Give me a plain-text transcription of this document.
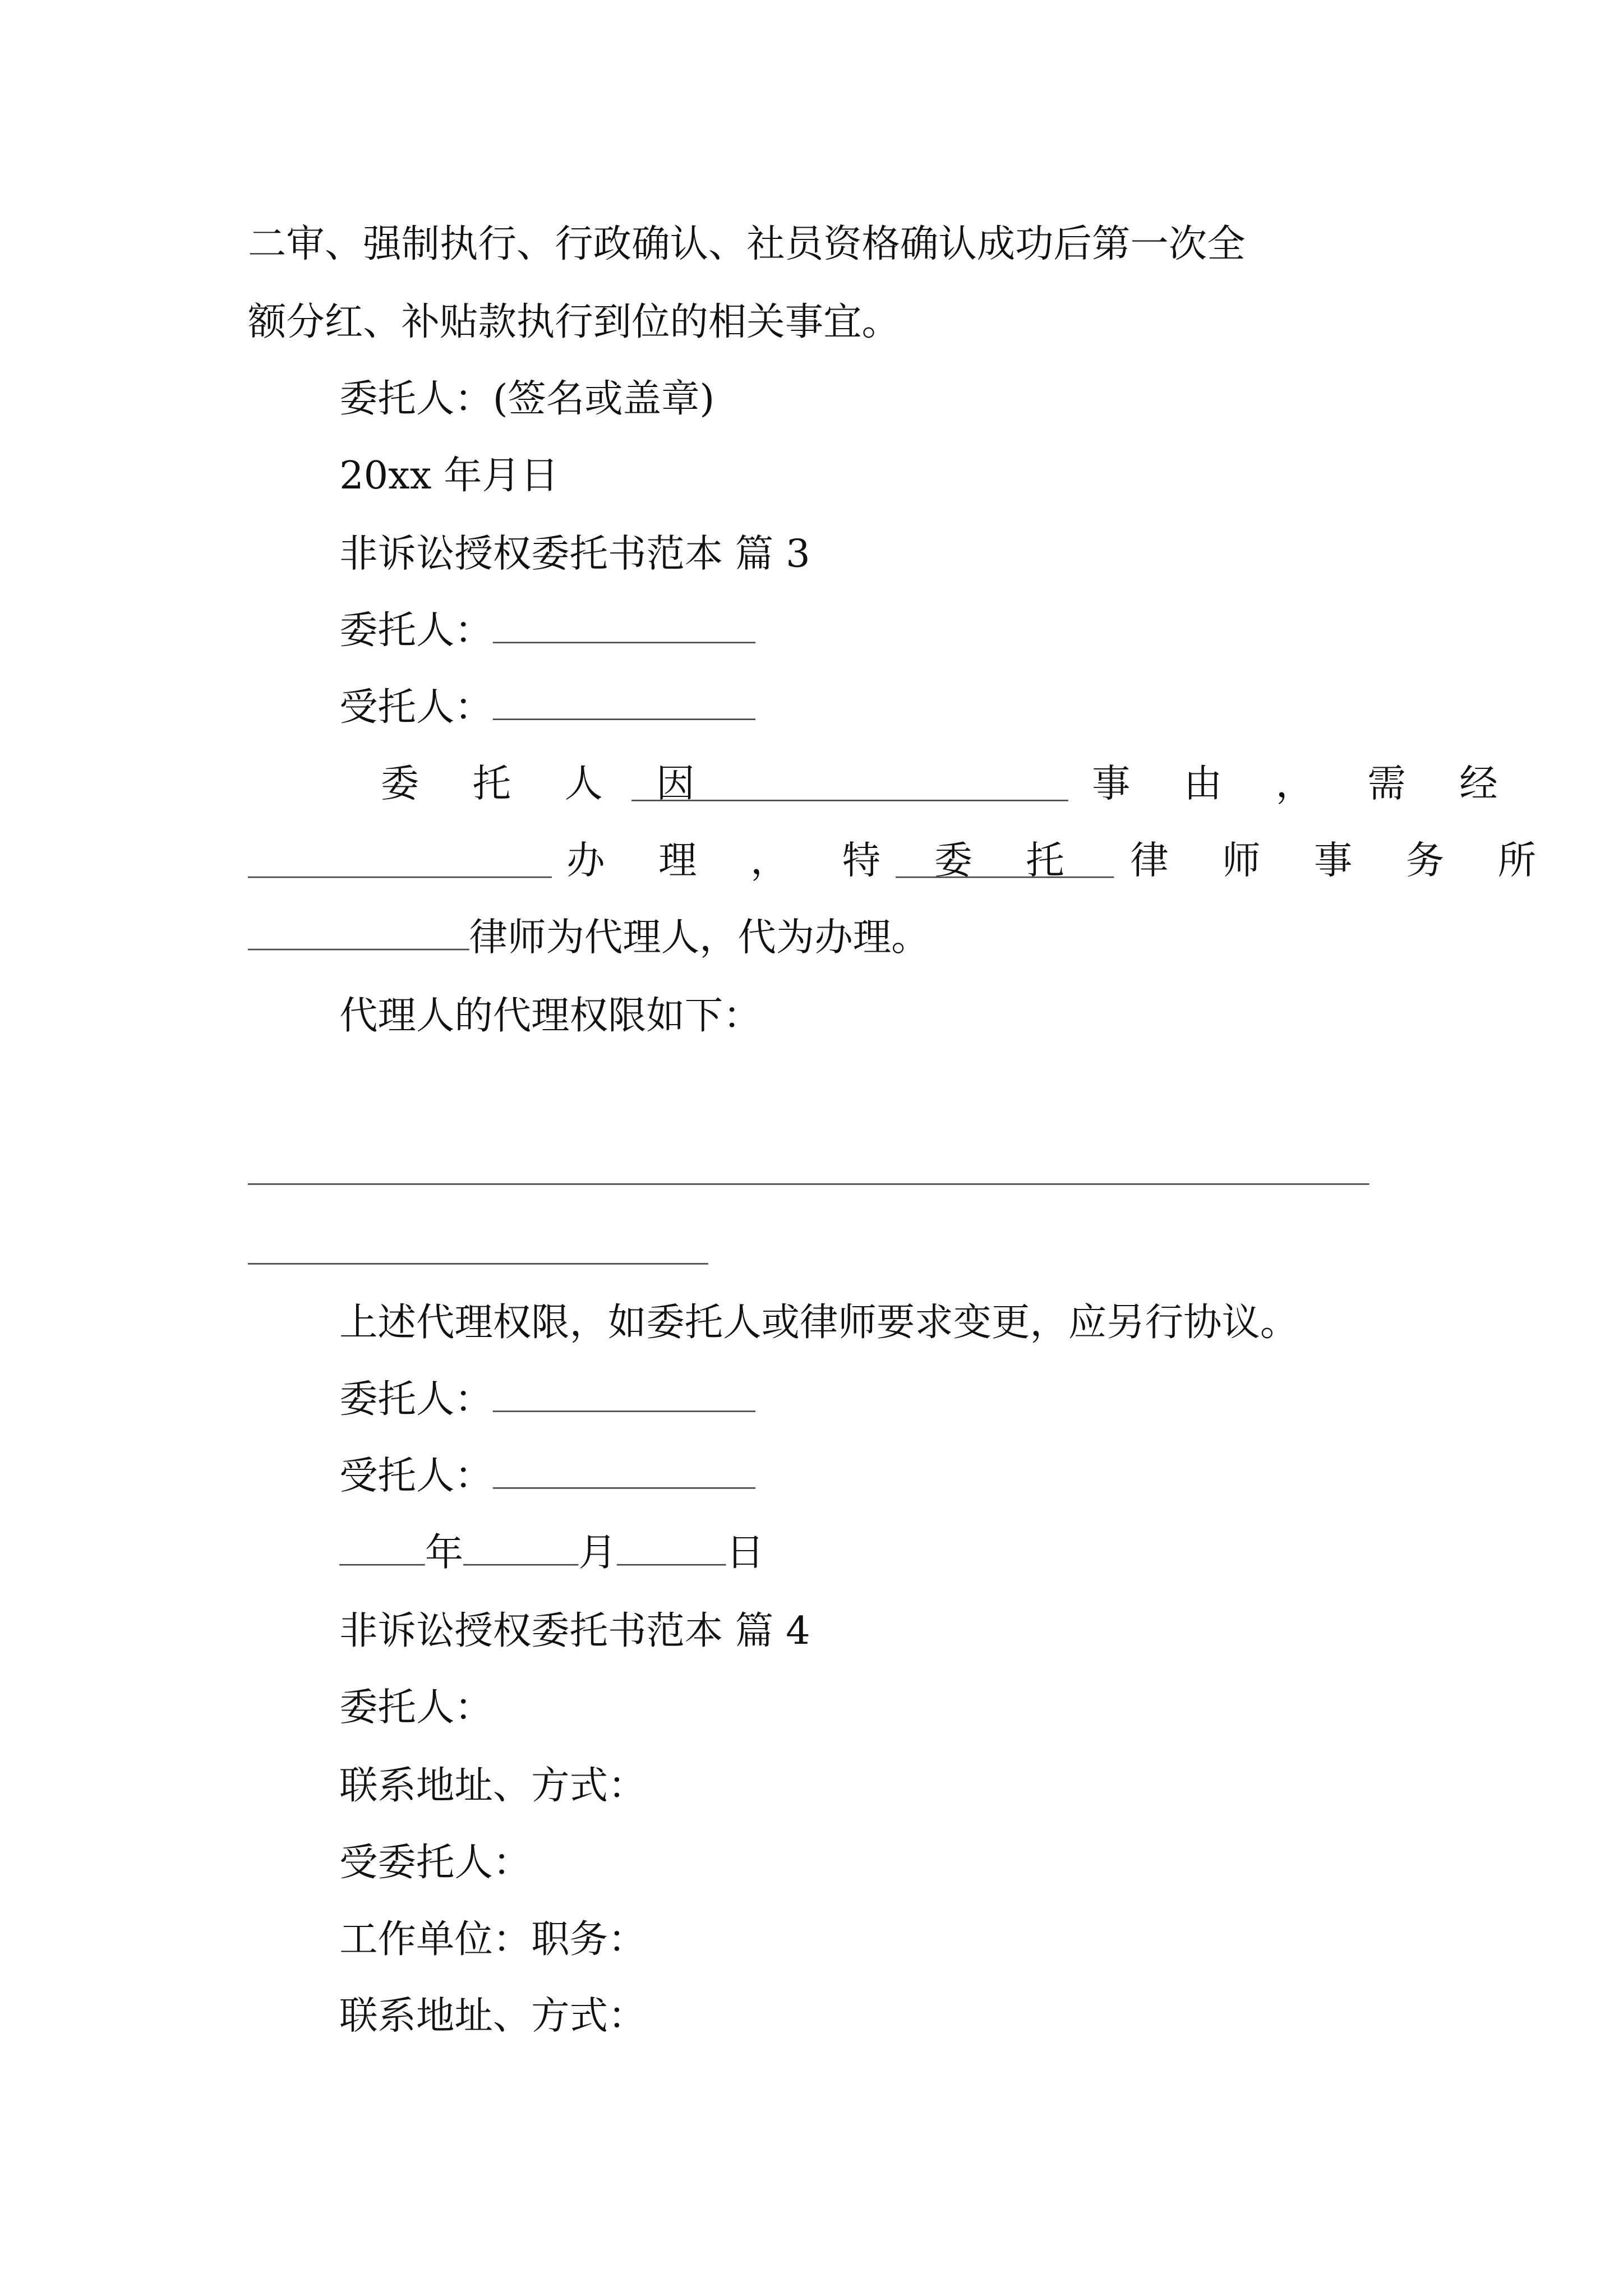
二审、强制执行、行政确认、社员资格确认成功后第一次全
额分红、补贴款执行到位的相关事宜。
委托人：(签名或盖章)
20xx 年月日
非诉讼授权委托书范本 篇 3
委托人：
受托人：
委 托 人 因	事 由 ， 需 经
办 理 ， 特 委 托	律 师 事 务 所
律师为代理人，代为办理。
代理人的代理权限如下：
上述代理权限，如委托人或律师要求变更，应另行协议。
委托人：
受托人：
年	月	日
非诉讼授权委托书范本 篇 4
委托人：
联系地址、方式：
受委托人：
工作单位：职务：
联系地址、方式：
